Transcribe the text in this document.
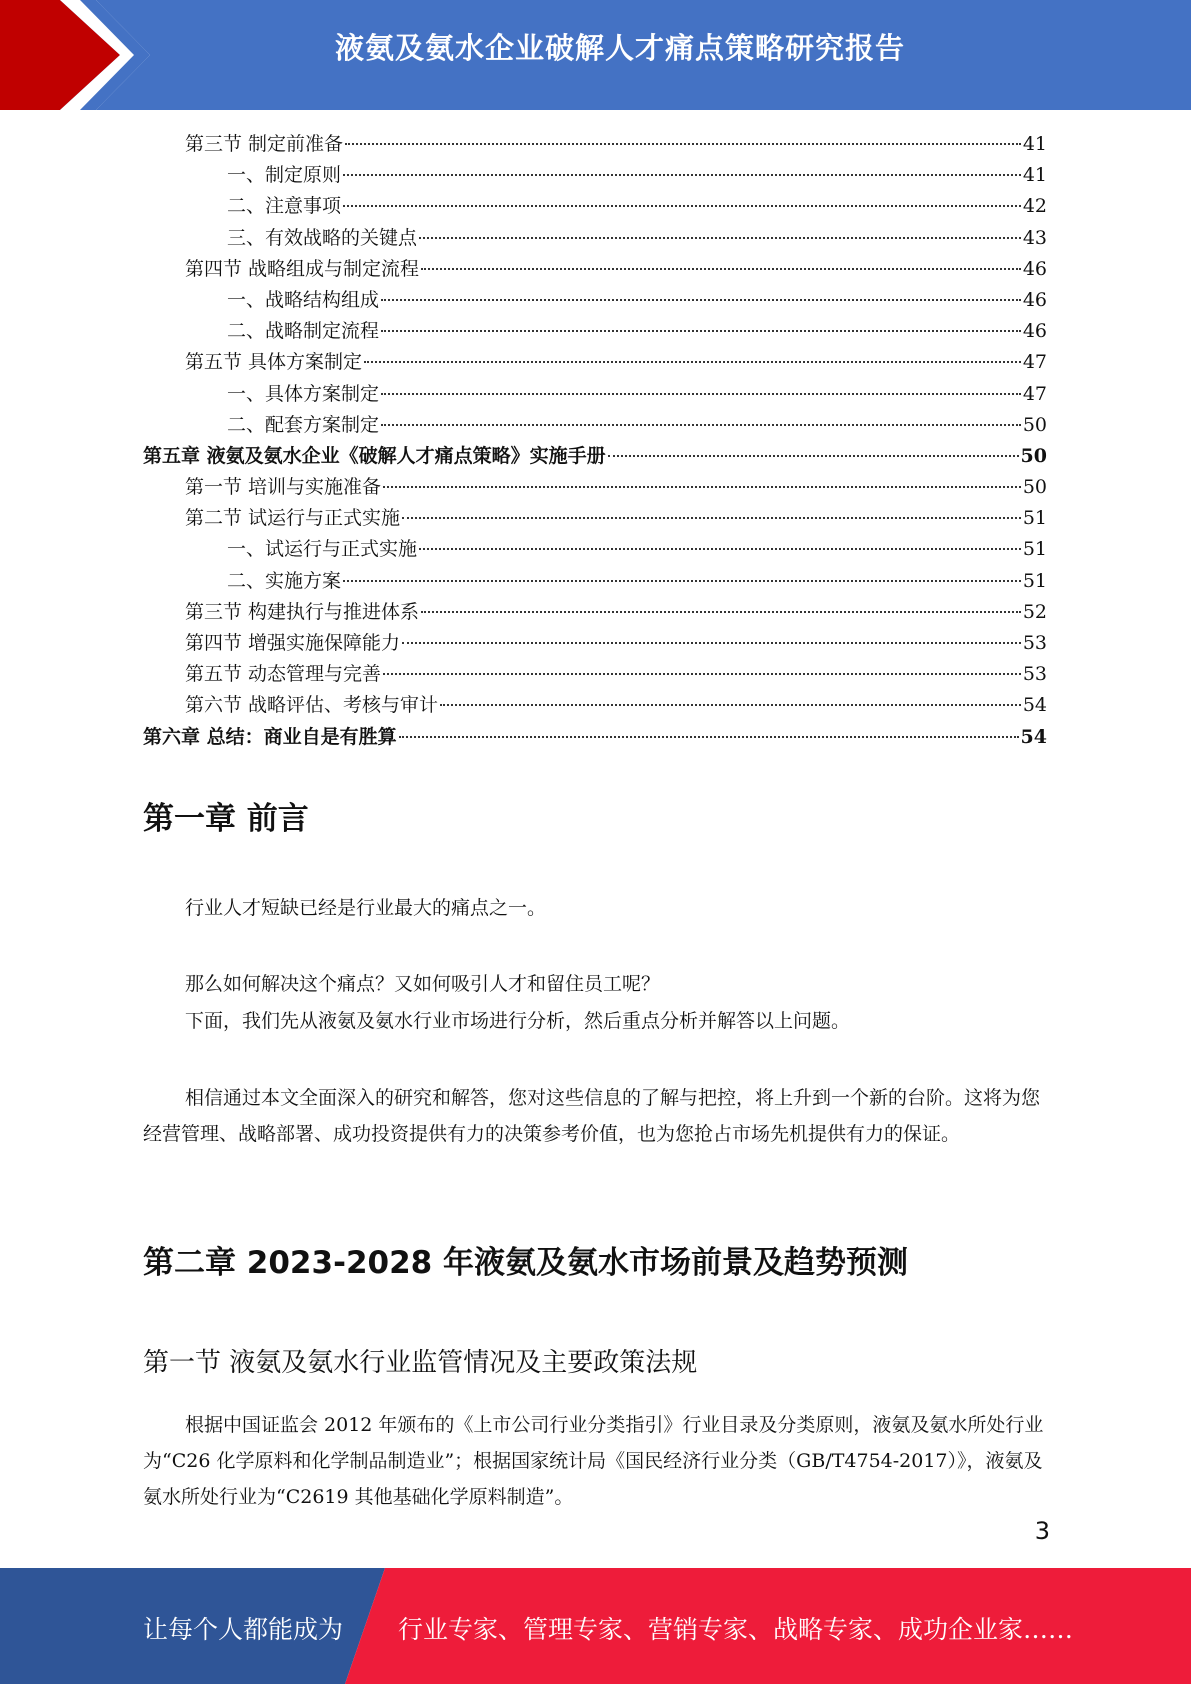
液氨及氨水企业破解人才痛点策略研究报告
第三节 制定前准备	41
一、制定原则	41
二、注意事项	42
三、有效战略的关键点	43
第四节 战略组成与制定流程	46
一、战略结构组成	46
二、战略制定流程	46
第五节 具体方案制定	47
一、具体方案制定	47
二、配套方案制定	50
第五章 液氨及氨水企业《破解人才痛点策略》实施手册	50
第一节 培训与实施准备	50
第二节 试运行与正式实施	51
一、试运行与正式实施	51
二、实施方案	51
第三节 构建执行与推进体系	52
第四节 增强实施保障能力	53
第五节 动态管理与完善	53
第六节 战略评估、考核与审计	54
第六章 总结：商业自是有胜算	54
第一章 前言
行业人才短缺已经是行业最大的痛点之一。
那么如何解决这个痛点？又如何吸引人才和留住员工呢？
下面，我们先从液氨及氨水行业市场进行分析，然后重点分析并解答以上问题。
相信通过本文全面深入的研究和解答，您对这些信息的了解与把控，将上升到一个新的台阶。这将为您经营管理、战略部署、成功投资提供有力的决策参考价值，也为您抢占市场先机提供有力的保证。
第二章 2023-2028 年液氨及氨水市场前景及趋势预测
第一节 液氨及氨水行业监管情况及主要政策法规
根据中国证监会 2012 年颁布的《上市公司行业分类指引》行业目录及分类原则，液氨及氨水所处行业为“C26 化学原料和化学制品制造业”；根据国家统计局《国民经济行业分类（GB/T4754-2017）》，液氨及氨水所处行业为“C2619 其他基础化学原料制造”。
3
让每个人都能成为 行业专家、管理专家、营销专家、战略专家、成功企业家……
